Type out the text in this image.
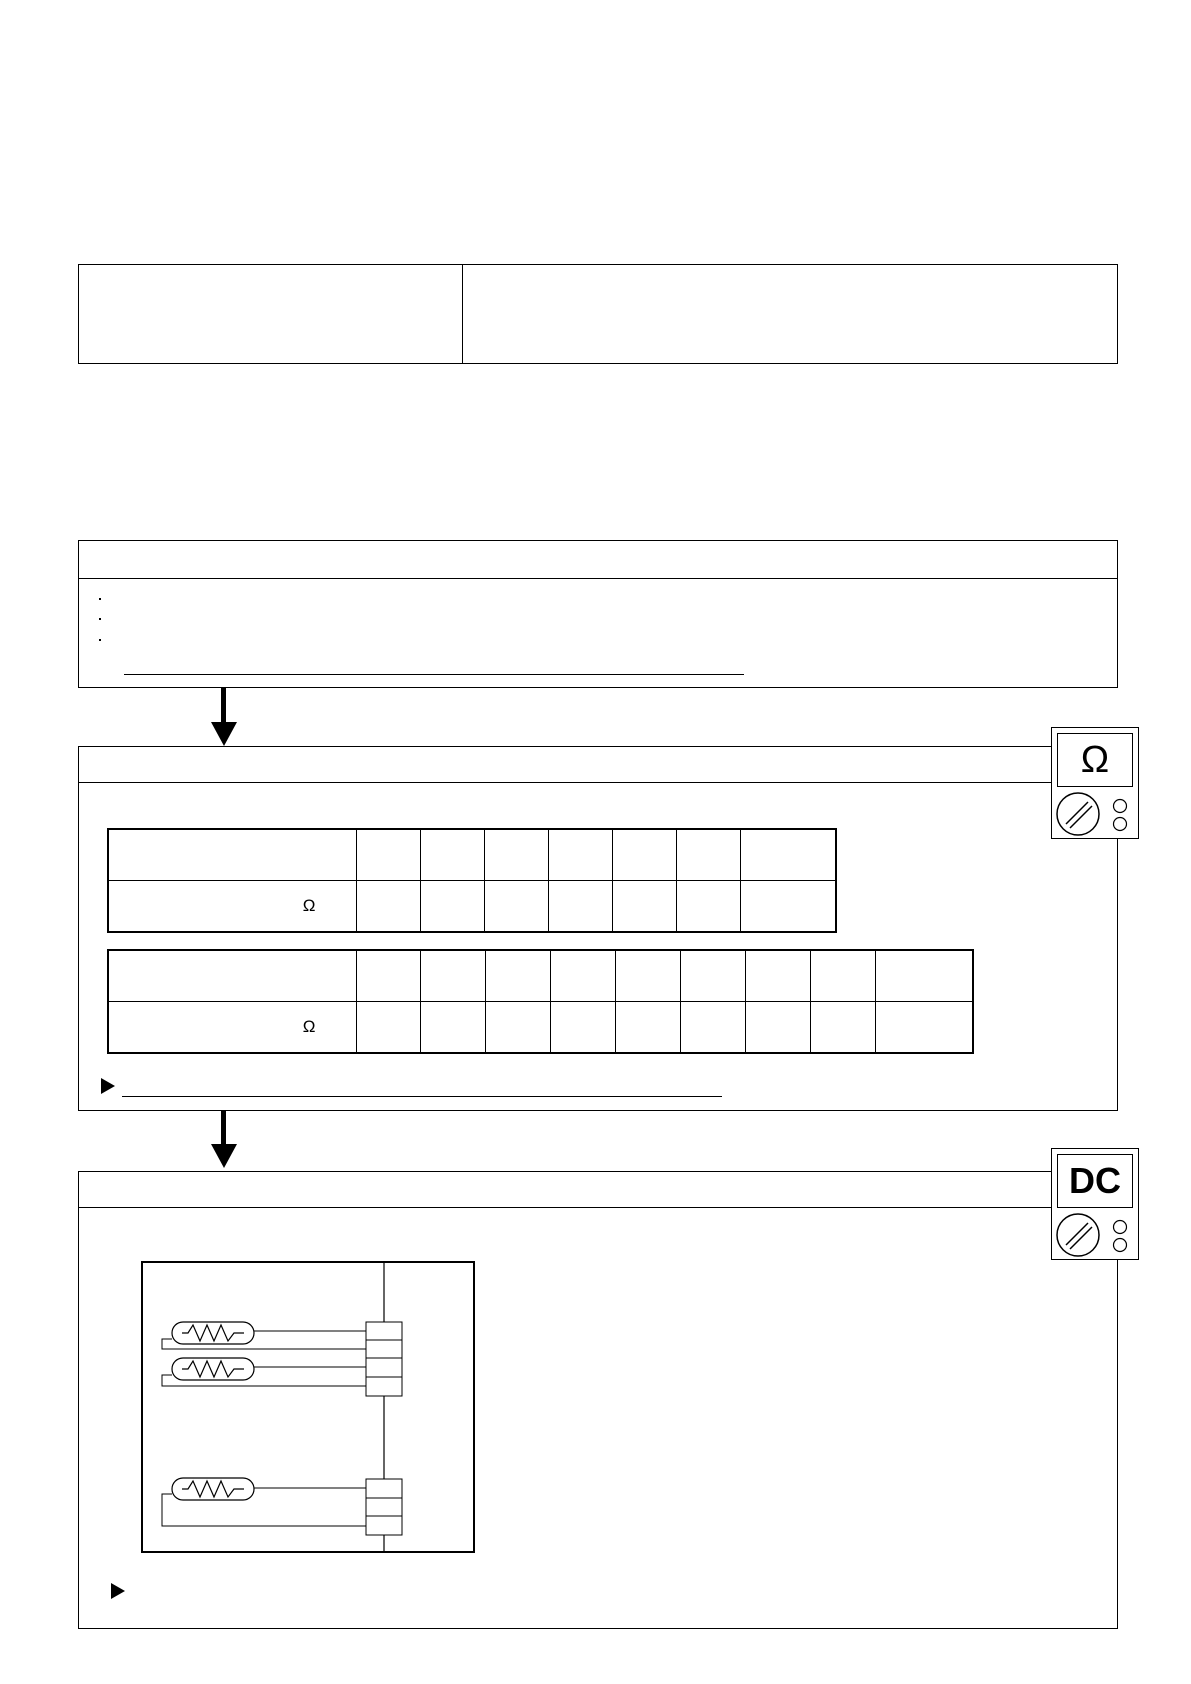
Ω

Ω							

Ω									
DC
